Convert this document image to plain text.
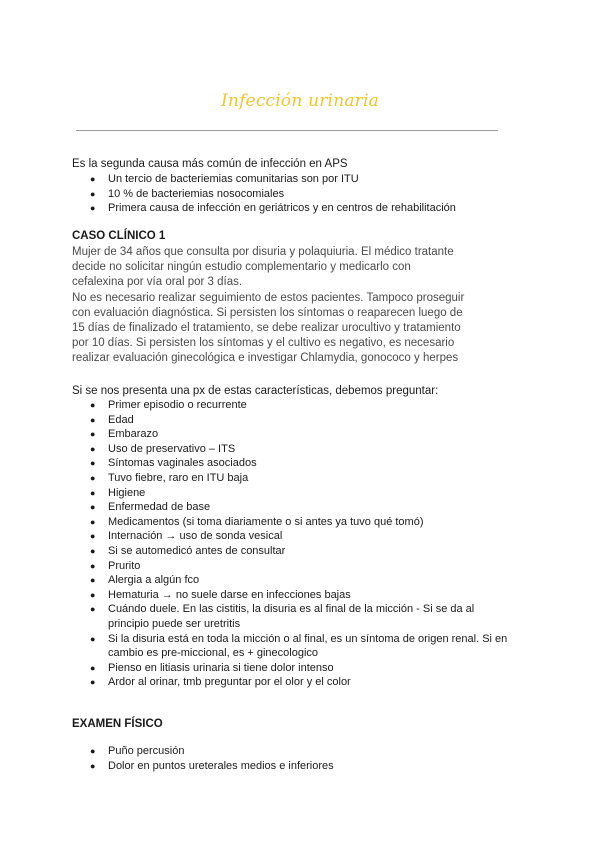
Infección urinaria
Es la segunda causa más común de infección en APS
● Un tercio de bacteriemias comunitarias son por ITU
● 10 % de bacteriemias nosocomiales
● Primera causa de infección en geriátricos y en centros de rehabilitación
CASO CLÍNICO 1
Mujer de 34 años que consulta por disuria y polaquiuria. El médico tratante
decide no solicitar ningún estudio complementario y medicarlo con
cefalexina por vía oral por 3 días.
No es necesario realizar seguimiento de estos pacientes. Tampoco proseguir
con evaluación diagnóstica. Si persisten los síntomas o reaparecen luego de
15 días de finalizado el tratamiento, se debe realizar urocultivo y tratamiento
por 10 días. Si persisten los síntomas y el cultivo es negativo, es necesario
realizar evaluación ginecológica e investigar Chlamydia, gonococo y herpes
Si se nos presenta una px de estas características, debemos preguntar:
● Primer episodio o recurrente
● Edad
● Embarazo
● Uso de preservativo – ITS
● Síntomas vaginales asociados
● Tuvo fiebre, raro en ITU baja
● Higiene
● Enfermedad de base
● Medicamentos (si toma diariamente o si antes ya tuvo qué tomó)
● Internación → uso de sonda vesical
● Si se automedicó antes de consultar
● Prurito
● Alergia a algún fco
● Hematuria → no suele darse en infecciones bajas
● Cuándo duele. En las cistitis, la disuria es al final de la micción - Si se da al principio puede ser uretritis
● Si la disuria está en toda la micción o al final, es un síntoma de origen renal. Si en cambio es pre-miccional, es + ginecologico
● Pienso en litiasis urinaria si tiene dolor intenso
● Ardor al orinar, tmb preguntar por el olor y el color
EXAMEN FÍSICO
● Puño percusión
● Dolor en puntos ureterales medios e inferiores
